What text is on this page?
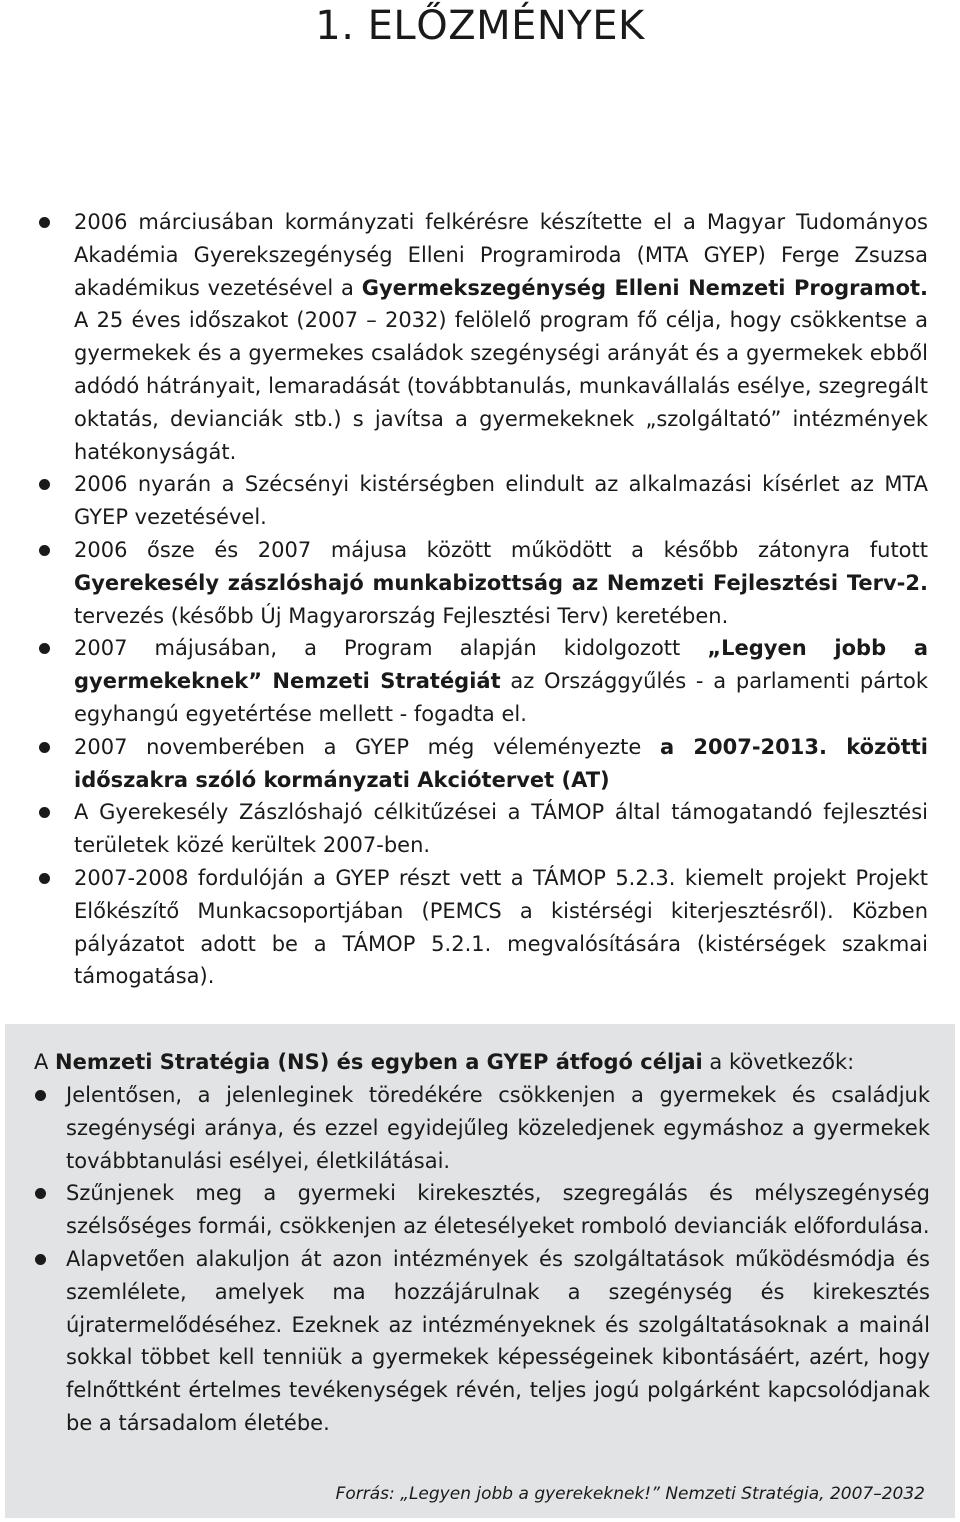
1. ELŐZMÉNYEK
2006 márciusában kormányzati felkérésre készítette el a Magyar Tudományos Akadémia Gyerekszegénység Elleni Programiroda (MTA GYEP) Ferge Zsuzsa akadémikus vezetésével a Gyermekszegénység Elleni Nemzeti Programot. A 25 éves időszakot (2007 – 2032) felölelő program fő célja, hogy csökkentse a gyermekek és a gyermekes családok szegénységi arányát és a gyermekek ebből adódó hátrányait, lemaradását (továbbtanulás, munkavállalás esélye, szegregált oktatás, devianciák stb.) s javítsa a gyermekeknek „szolgáltató” intézmények hatékonyságát.
2006 nyarán a Szécsényi kistérségben elindult az alkalmazási kísérlet az MTA GYEP vezetésével.
2006 ősze és 2007 májusa között működött a később zátonyra futott Gyerekesély zászlóshajó munkabizottság az Nemzeti Fejlesztési Terv-2. tervezés (később Új Magyarország Fejlesztési Terv) keretében.
2007 májusában, a Program alapján kidolgozott „Legyen jobb a gyermekeknek” Nemzeti Stratégiát az Országgyűlés - a parlamenti pártok egyhangú egyetértése mellett - fogadta el.
2007 novemberében a GYEP még véleményezte a 2007-2013. közötti időszakra szóló kormányzati Akciótervet (AT)
A Gyerekesély Zászlóshajó célkitűzései a TÁMOP által támogatandó fejlesztési területek közé kerültek 2007-ben.
2007-2008 fordulóján a GYEP részt vett a TÁMOP 5.2.3. kiemelt projekt Projekt Előkészítő Munkacsoportjában (PEMCS a kistérségi kiterjesztésről). Közben pályázatot adott be a TÁMOP 5.2.1. megvalósítására (kistérségek szakmai támogatása).

A Nemzeti Stratégia (NS) és egyben a GYEP átfogó céljai a következők:

Jelentősen, a jelenleginek töredékére csökkenjen a gyermekek és családjuk szegénységi aránya, és ezzel egyidejűleg közeledjenek egymáshoz a gyermekek továbbtanulási esélyei, életkilátásai.
Szűnjenek meg a gyermeki kirekesztés, szegregálás és mélyszegénység szélsőséges formái, csökkenjen az életesélyeket romboló devianciák előfordulása.
Alapvetően alakuljon át azon intézmények és szolgáltatások működésmódja és szemlélete, amelyek ma hozzájárulnak a szegénység és kirekesztés újratermelődéséhez. Ezeknek az intézményeknek és szolgáltatásoknak a mainál sokkal többet kell tenniük a gyermekek képességeinek kibontásáért, azért, hogy felnőttként értelmes tevékenységek révén, teljes jogú polgárként kapcsolódjanak be a társadalom életébe.

Forrás: „Legyen jobb a gyerekeknek!” Nemzeti Stratégia, 2007–2032
